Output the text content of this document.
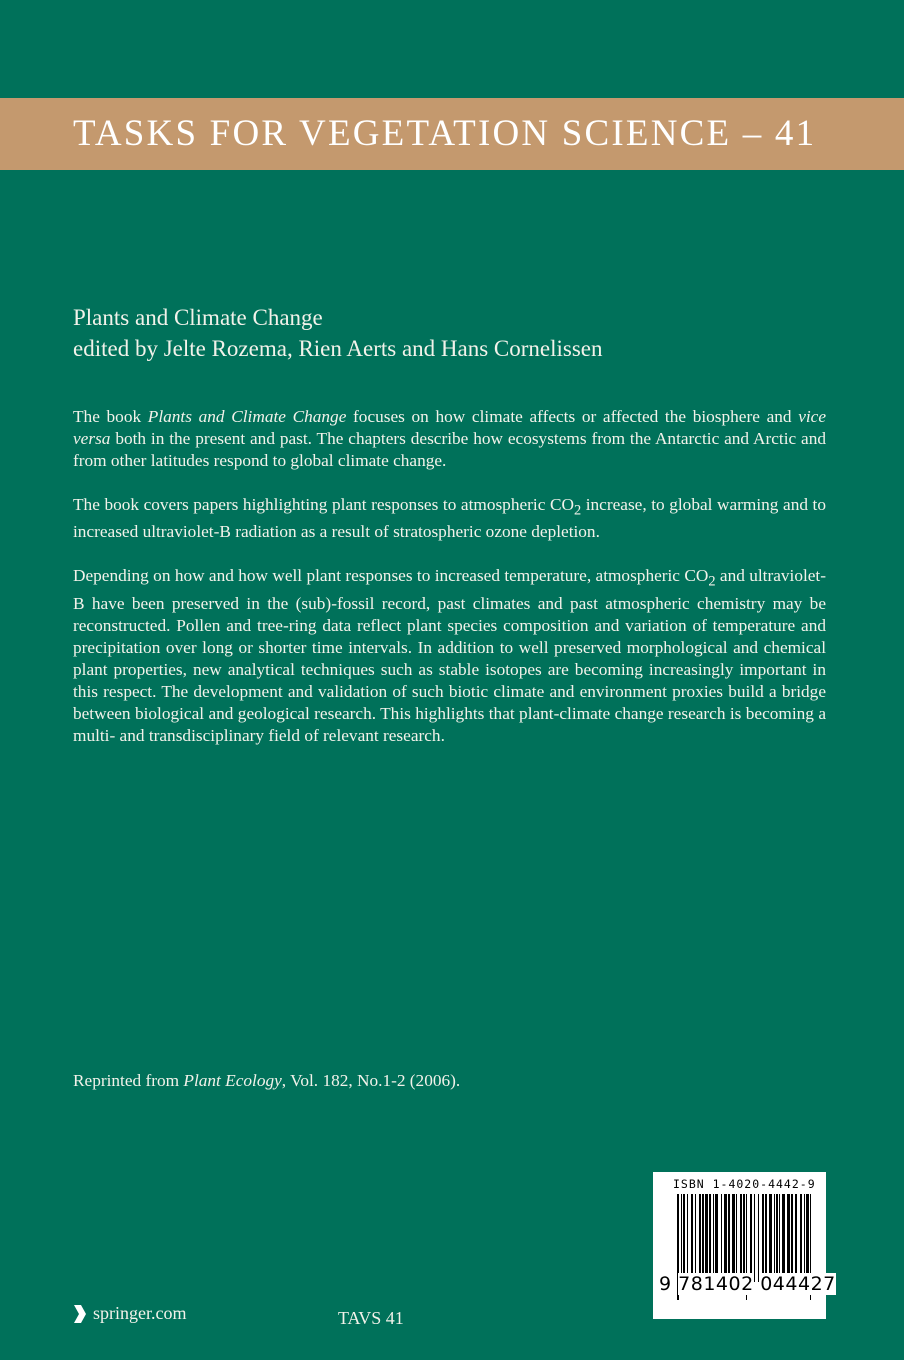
TASKS FOR VEGETATION SCIENCE – 41
Plants and Climate Change
edited by Jelte Rozema, Rien Aerts and Hans Cornelissen

The book Plants and Climate Change focuses on how climate affects or affected the biosphere and vice versa both in the present and past. The chapters describe how ecosystems from the Antarctic and Arctic and from other latitudes respond to global climate change.

The book covers papers highlighting plant responses to atmospheric $CO_2$ increase, to global warming and to increased ultraviolet-B radiation as a result of stratospheric ozone depletion.

Depending on how and how well plant responses to increased temperature, atmospheric $CO_2$ and ultraviolet-B have been preserved in the (sub)-fossil record, past climates and past atmospheric chemistry may be reconstructed. Pollen and tree-ring data reflect plant species composition and variation of temperature and precipitation over long or shorter time intervals. In addition to well preserved morphological and chemical plant properties, new analytical techniques such as stable isotopes are becoming increasingly important in this respect. The development and validation of such biotic climate and environment proxies build a bridge between biological and geological research. This highlights that plant-climate change research is becoming a multi- and transdisciplinary field of relevant research.

Reprinted from Plant Ecology, Vol. 182, No.1-2 (2006).
ISBN 1-4020-4442-9
9 781402 044427
springer.com	TAVS 41
